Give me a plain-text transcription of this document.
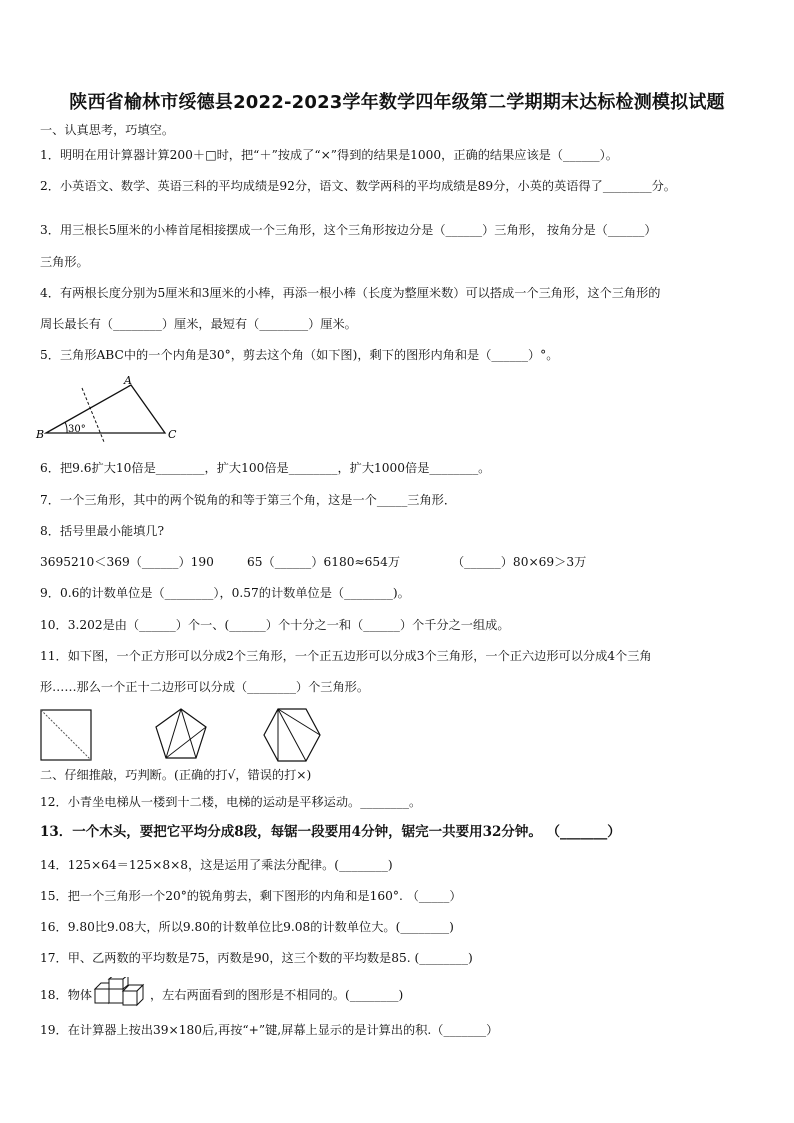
陕西省榆林市绥德县2022-2023学年数学四年级第二学期期末达标检测模拟试题
一、认真思考，巧填空。
1．明明在用计算器计算200＋□时，把“＋”按成了“×”得到的结果是1000，正确的结果应该是（______）。
2．小英语文、数学、英语三科的平均成绩是92分，语文、数学两科的平均成绩是89分，小英的英语得了________分。
3．用三根长5厘米的小棒首尾相接摆成一个三角形，这个三角形按边分是（______）三角形， 按角分是（______）
三角形。
4．有两根长度分别为5厘米和3厘米的小棒，再添一根小棒（长度为整厘米数）可以搭成一个三角形，这个三角形的
周长最长有（________）厘米，最短有（________）厘米。
5．三角形ABC中的一个内角是30°，剪去这个角（如下图)，剩下的图形内角和是（______）°。
A
B	C
30°
6．把9.6扩大10倍是________，扩大100倍是________，扩大1000倍是________。
7．一个三角形，其中的两个锐角的和等于第三个角，这是一个_____三角形．
8．括号里最小能填几?
3695210＜369（______）190	65（______）6180≈654万	（______）80×69＞3万
9．0.6的计数单位是（________），0.57的计数单位是（________)。
10．3.202是由（______）个一、(______）个十分之一和（______）个千分之一组成。
11．如下图，一个正方形可以分成2个三角形，一个正五边形可以分成3个三角形，一个正六边形可以分成4个三角
形……那么一个正十二边形可以分成（________）个三角形。
二、仔细推敲，巧判断。(正确的打√，错误的打×)
12．小青坐电梯从一楼到十二楼，电梯的运动是平移运动。________。
13．一个木头，要把它平均分成8段，每锯一段要用4分钟，锯完一共要用32分钟。 （_______）
14．125×64＝125×8×8，这是运用了乘法分配律。(________)
15．把一个三角形一个20°的锐角剪去，剩下图形的内角和是160°. （_____）
16．9.80比9.08大，所以9.80的计数单位比9.08的计数单位大。(________)
17．甲、乙两数的平均数是75，丙数是90，这三个数的平均数是85. (________)
18．物体	，左右两面看到的图形是不相同的。(________)
19．在计算器上按出39×180后,再按“+”键,屏幕上显示的是计算出的积.（_______）
